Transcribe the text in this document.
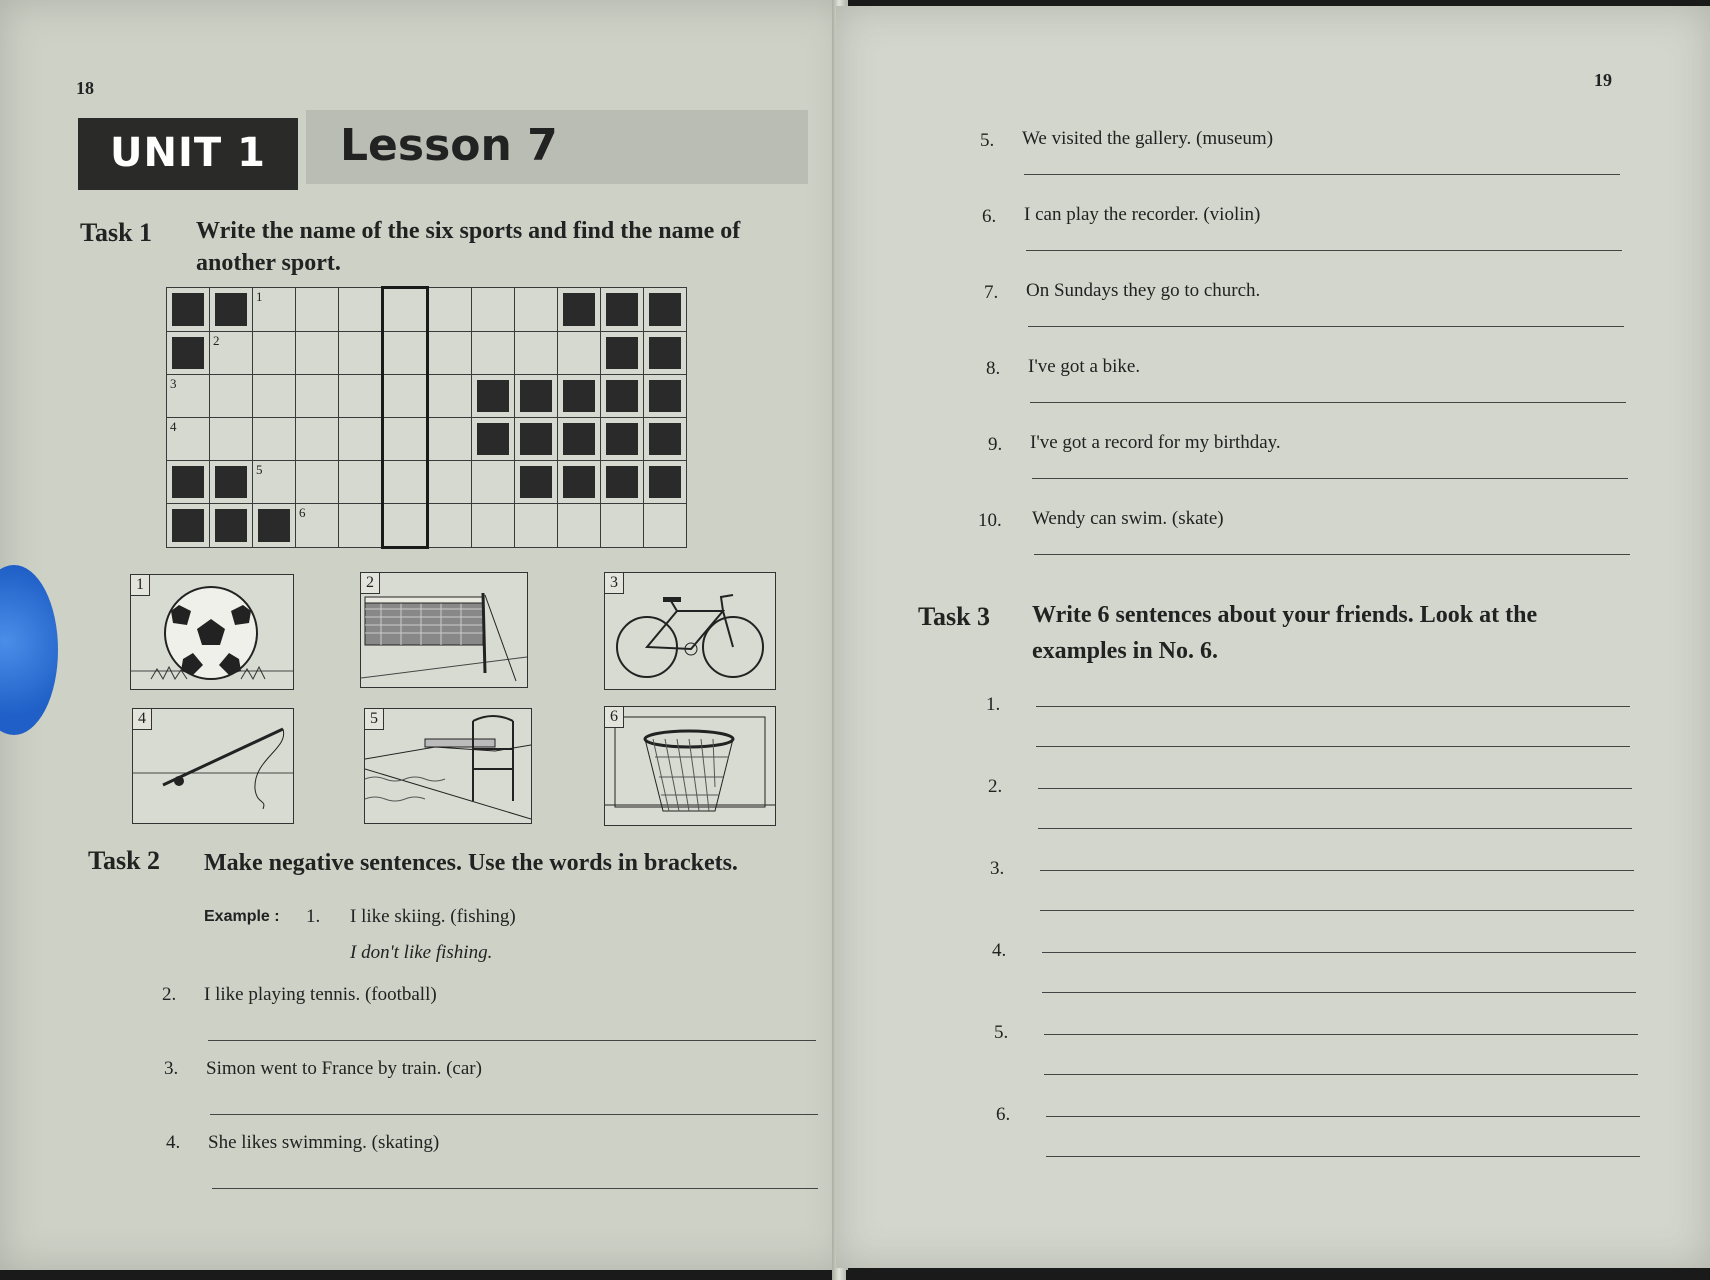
18
UNIT 1	Lesson 7
Task 1 Write the name of the six sports and find the name of
another sport.

		1									

	2										

3											

4											

		5									

			6								

1	2	3
4	5	6
Task 2 Make negative sentences. Use the words in brackets.
Example : 1. I like skiing. (fishing)
I don't like fishing.
2. I like playing tennis. (football)
3. Simon went to France by train. (car)
4. She likes swimming. (skating)
19
5. We visited the gallery. (museum)
6. I can play the recorder. (violin)
7. On Sundays they go to church.
8. I've got a bike.
9. I've got a record for my birthday.
10. Wendy can swim. (skate)
Task 3 Write 6 sentences about your friends. Look at the
examples in No. 6.
1.
2.
3.
4.
5.
6.
